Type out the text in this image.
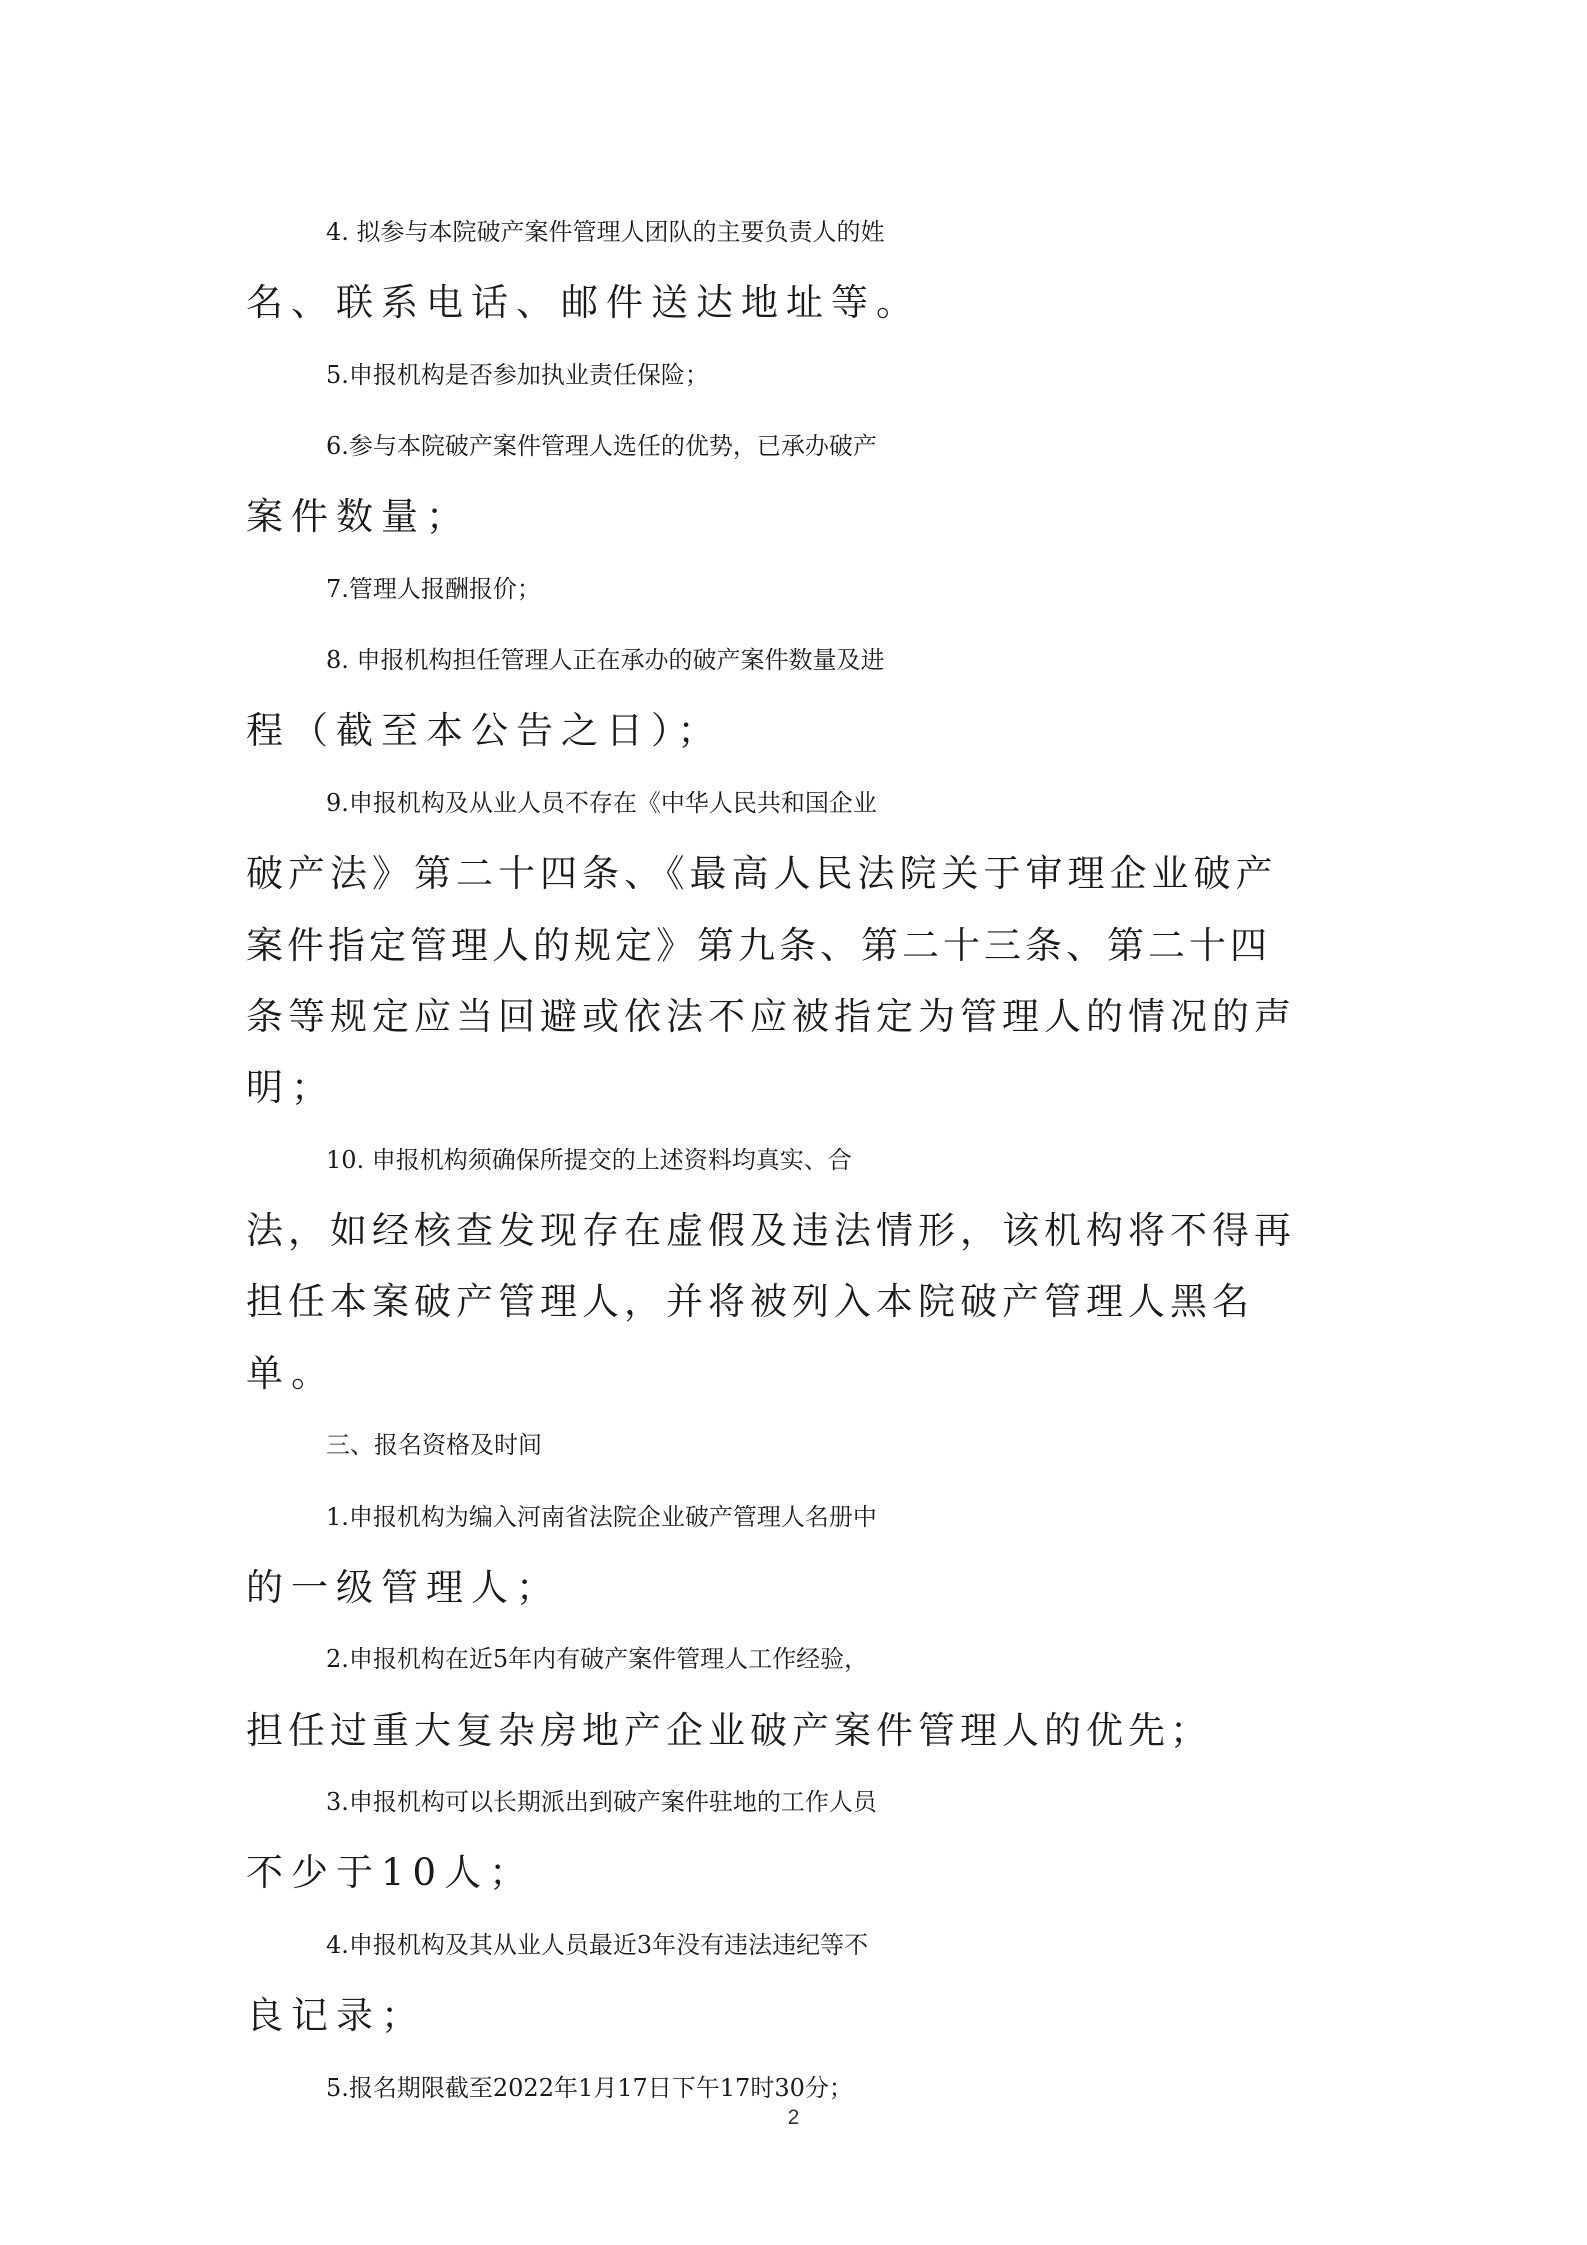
4. 拟参与本院破产案件管理人团队的主要负责人的姓
名、联系电话、邮件送达地址等。
5.申报机构是否参加执业责任保险；
6.参与本院破产案件管理人选任的优势，已承办破产
案件数量；
7.管理人报酬报价；
8. 申报机构担任管理人正在承办的破产案件数量及进
程（截至本公告之日）；
9.申报机构及从业人员不存在《中华人民共和国企业
破产法》第二十四条、《最高人民法院关于审理企业破产
案件指定管理人的规定》第九条、第二十三条、第二十四
条等规定应当回避或依法不应被指定为管理人的情况的声
明；
10. 申报机构须确保所提交的上述资料均真实、合
法，如经核查发现存在虚假及违法情形，该机构将不得再
担任本案破产管理人，并将被列入本院破产管理人黑名
单。
三、报名资格及时间
1.申报机构为编入河南省法院企业破产管理人名册中
的一级管理人；
2.申报机构在近5年内有破产案件管理人工作经验，
担任过重大复杂房地产企业破产案件管理人的优先；
3.申报机构可以长期派出到破产案件驻地的工作人员
不少于10人；
4.申报机构及其从业人员最近3年没有违法违纪等不
良记录；
5.报名期限截至2022年1月17日下午17时30分；
2
